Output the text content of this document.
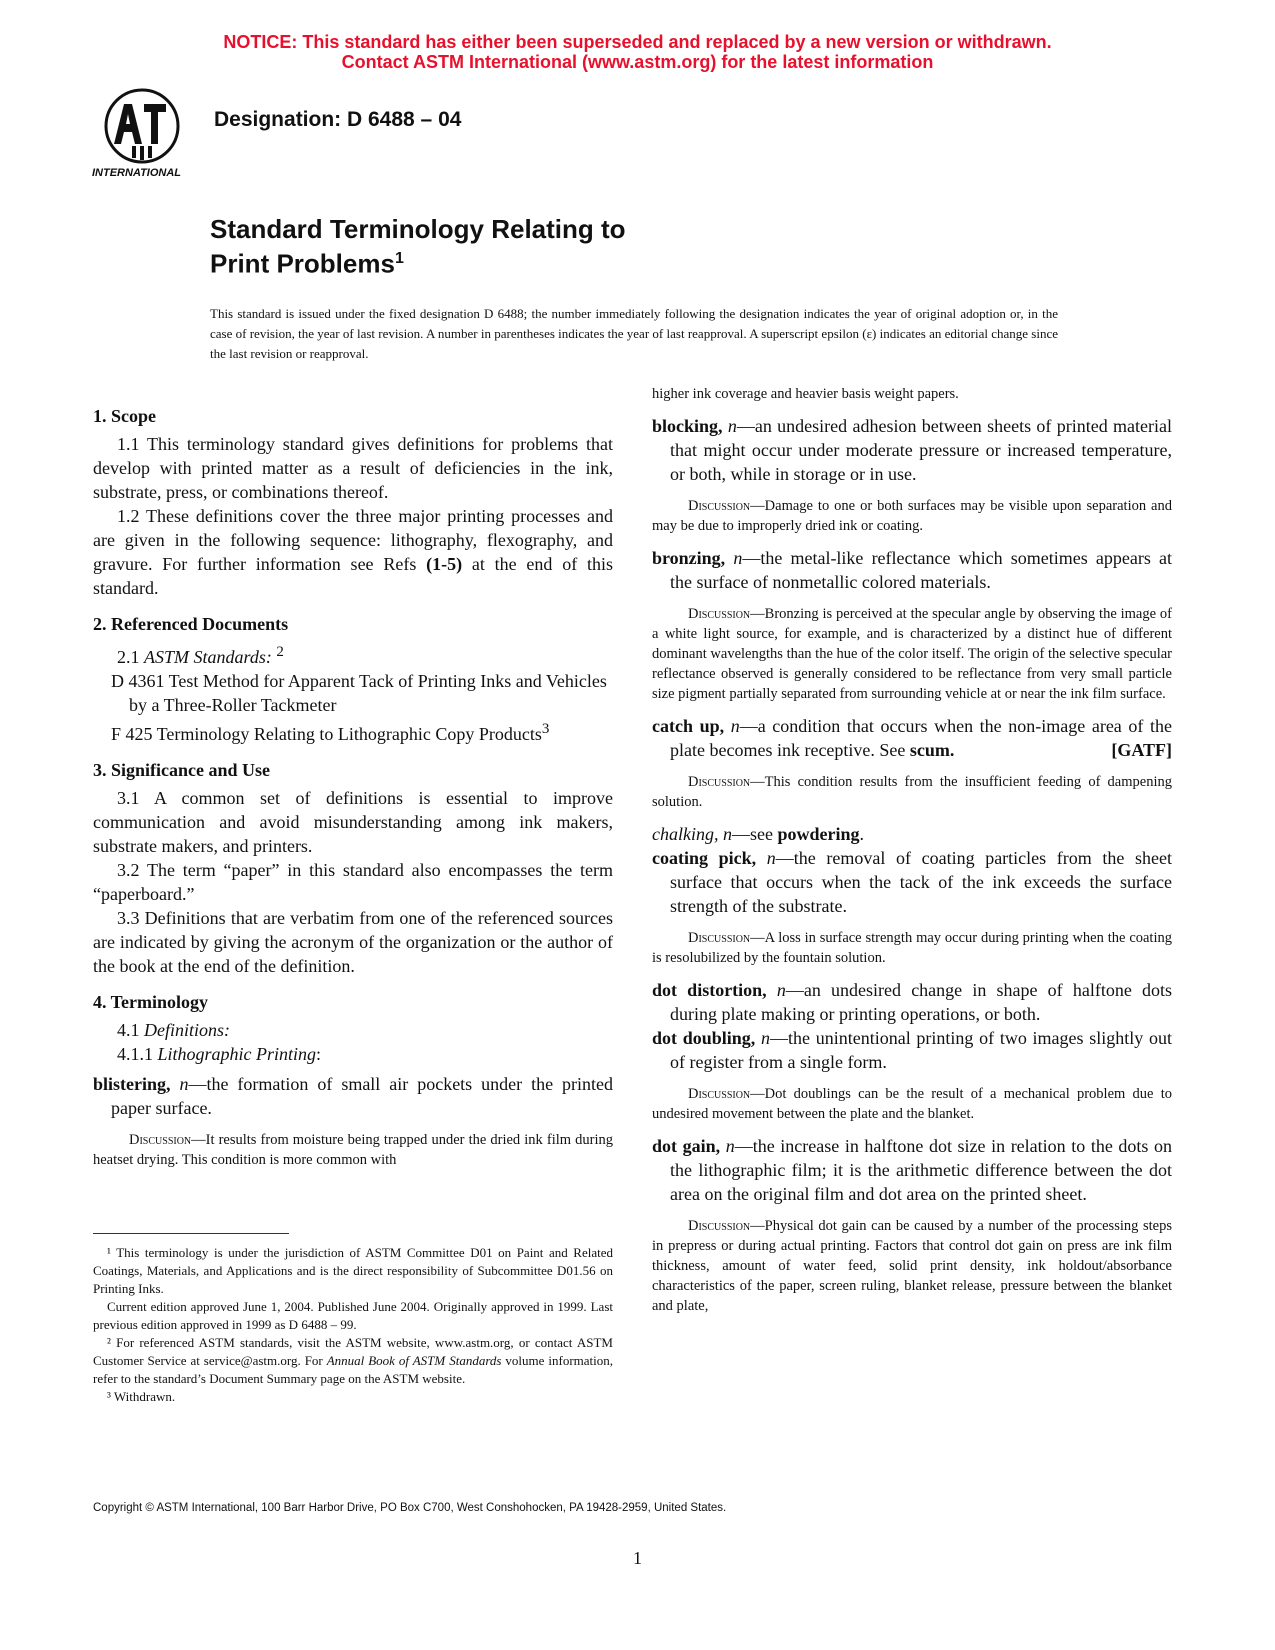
NOTICE: This standard has either been superseded and replaced by a new version or withdrawn.
Contact ASTM International (www.astm.org) for the latest information
INTERNATIONAL
Designation: D 6488 – 04
Standard Terminology Relating to
Print Problems$^1$
This standard is issued under the fixed designation D 6488; the number immediately following the designation indicates the year of original adoption or, in the case of revision, the year of last revision. A number in parentheses indicates the year of last reapproval. A superscript epsilon (ε) indicates an editorial change since the last revision or reapproval.
1. Scope

1.1 This terminology standard gives definitions for problems that develop with printed matter as a result of deficiencies in the ink, substrate, press, or combinations thereof.

1.2 These definitions cover the three major printing processes and are given in the following sequence: lithography, flexography, and gravure. For further information see Refs (1-5) at the end of this standard.

2. Referenced Documents

2.1 ASTM Standards: $^2$

D 4361 Test Method for Apparent Tack of Printing Inks and Vehicles by a Three-Roller Tackmeter

F 425 Terminology Relating to Lithographic Copy Products$^3$

3. Significance and Use

3.1 A common set of definitions is essential to improve communication and avoid misunderstanding among ink makers, substrate makers, and printers.

3.2 The term “paper” in this standard also encompasses the term “paperboard.”

3.3 Definitions that are verbatim from one of the referenced sources are indicated by giving the acronym of the organization or the author of the book at the end of the definition.

4. Terminology

4.1 Definitions:

4.1.1 Lithographic Printing:

blistering, n—the formation of small air pockets under the printed paper surface.

Discussion—It results from moisture being trapped under the dried ink film during heatset drying. This condition is more common with

¹ This terminology is under the jurisdiction of ASTM Committee D01 on Paint and Related Coatings, Materials, and Applications and is the direct responsibility of Subcommittee D01.56 on Printing Inks.

Current edition approved June 1, 2004. Published June 2004. Originally approved in 1999. Last previous edition approved in 1999 as D 6488 – 99.

² For referenced ASTM standards, visit the ASTM website, www.astm.org, or contact ASTM Customer Service at service@astm.org. For Annual Book of ASTM Standards volume information, refer to the standard’s Document Summary page on the ASTM website.

³ Withdrawn.

higher ink coverage and heavier basis weight papers.

blocking, n—an undesired adhesion between sheets of printed material that might occur under moderate pressure or increased temperature, or both, while in storage or in use.

Discussion—Damage to one or both surfaces may be visible upon separation and may be due to improperly dried ink or coating.

bronzing, n—the metal-like reflectance which sometimes appears at the surface of nonmetallic colored materials.

Discussion—Bronzing is perceived at the specular angle by observing the image of a white light source, for example, and is characterized by a distinct hue of different dominant wavelengths than the hue of the color itself. The origin of the selective specular reflectance observed is generally considered to be reflectance from very small particle size pigment partially separated from surrounding vehicle at or near the ink film surface.

catch up, n—a condition that occurs when the non-image area of the plate becomes ink receptive. See scum.	[GATF]

Discussion—This condition results from the insufficient feeding of dampening solution.

chalking, n—see powdering.

coating pick, n—the removal of coating particles from the sheet surface that occurs when the tack of the ink exceeds the surface strength of the substrate.

Discussion—A loss in surface strength may occur during printing when the coating is resolubilized by the fountain solution.

dot distortion, n—an undesired change in shape of halftone dots during plate making or printing operations, or both.

dot doubling, n—the unintentional printing of two images slightly out of register from a single form.

Discussion—Dot doublings can be the result of a mechanical problem due to undesired movement between the plate and the blanket.

dot gain, n—the increase in halftone dot size in relation to the dots on the lithographic film; it is the arithmetic difference between the dot area on the original film and dot area on the printed sheet.

Discussion—Physical dot gain can be caused by a number of the processing steps in prepress or during actual printing. Factors that control dot gain on press are ink film thickness, amount of water feed, solid print density, ink holdout/absorbance characteristics of the paper, screen ruling, blanket release, pressure between the blanket and plate,

Copyright © ASTM International, 100 Barr Harbor Drive, PO Box C700, West Conshohocken, PA 19428-2959, United States.
1
